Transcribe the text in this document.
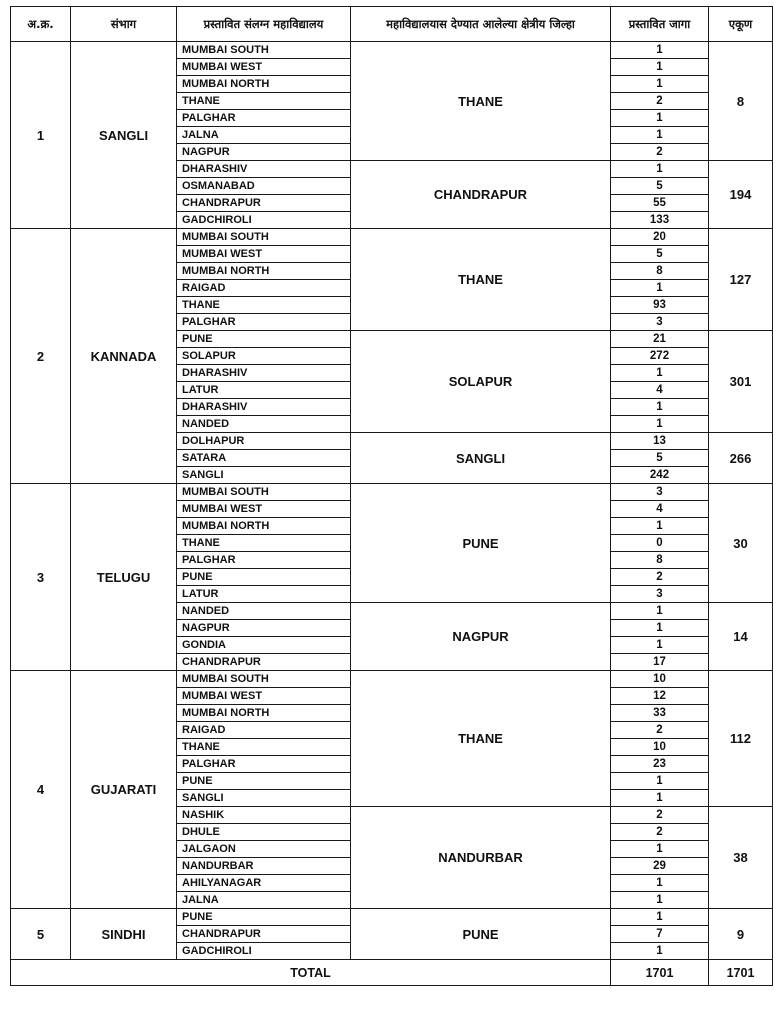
अ.क्र.	संभाग	प्रस्तावित संलग्न महाविद्यालय	महाविद्यालयास देण्यात आलेल्या क्षेत्रीय जिल्हा	प्रस्तावित जागा	एकूण
1	SANGLI	MUMBAI SOUTH	THANE	1	8
		MUMBAI WEST		1	
		MUMBAI NORTH		1	
		THANE		2	
		PALGHAR		1	
		JALNA		1	
		NAGPUR		2	
		DHARASHIV	CHANDRAPUR	1	194
		OSMANABAD		5	
		CHANDRAPUR		55	
		GADCHIROLI		133	
2	KANNADA	MUMBAI SOUTH	THANE	20	127
		MUMBAI WEST		5	
		MUMBAI NORTH		8	
		RAIGAD		1	
		THANE		93	
		PALGHAR		3	
		PUNE	SOLAPUR	21	301
		SOLAPUR		272	
		DHARASHIV		1	
		LATUR		4	
		DHARASHIV		1	
		NANDED		1	
		DOLHAPUR	SANGLI	13	266
		SATARA		5	
		SANGLI		242	
3	TELUGU	MUMBAI SOUTH	PUNE	3	30
		MUMBAI WEST		4	
		MUMBAI NORTH		1	
		THANE		0	
		PALGHAR		8	
		PUNE		2	
		LATUR		3	
		NANDED	NAGPUR	1	14
		NAGPUR		1	
		GONDIA		1	
		CHANDRAPUR		17	
4	GUJARATI	MUMBAI SOUTH	THANE	10	112
		MUMBAI WEST		12	
		MUMBAI NORTH		33	
		RAIGAD		2	
		THANE		10	
		PALGHAR		23	
		PUNE		1	
		SANGLI		1	
		NASHIK	NANDURBAR	2	38
		DHULE		2	
		JALGAON		1	
		NANDURBAR		29	
		AHILYANAGAR		1	
		JALNA		1	
5	SINDHI	PUNE	PUNE	1	9
		CHANDRAPUR		7	
		GADCHIROLI		1	
TOTAL				1701	1701
